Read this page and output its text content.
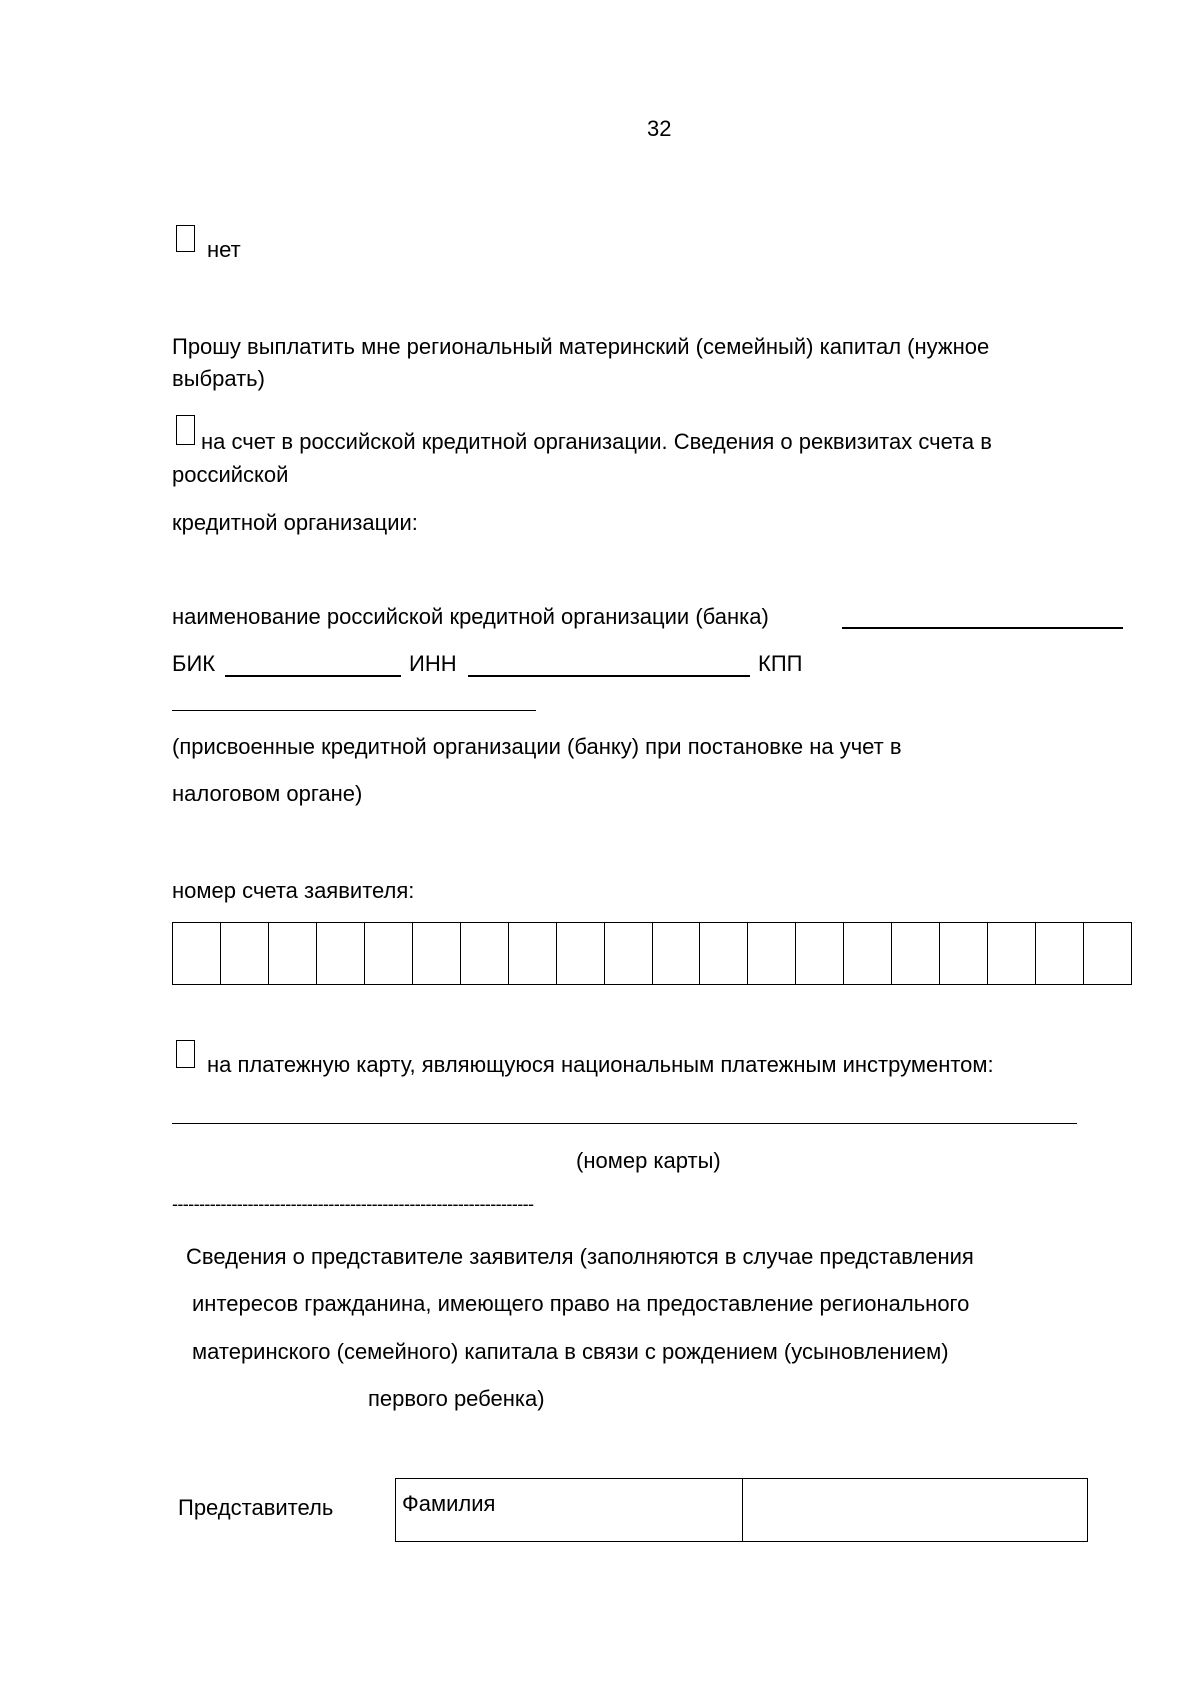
32
нет
Прошу выплатить мне региональный материнский (семейный) капитал (нужное
выбрать)
на счет в российской кредитной организации. Сведения о реквизитах счета в
российской
кредитной организации:
наименование российской кредитной организации (банка)
БИК	ИНН	КПП
(присвоенные кредитной организации (банку) при постановке на учет в
налоговом органе)
номер счета заявителя:
на платежную карту, являющуюся национальным платежным инструментом:
(номер карты)
-------------------------------------------------------------------
Сведения о представителе заявителя (заполняются в случае представления
интересов гражданина, имеющего право на предоставление регионального
материнского (семейного) капитала в связи с рождением (усыновлением)
первого ребенка)
Представитель	Фамилия
